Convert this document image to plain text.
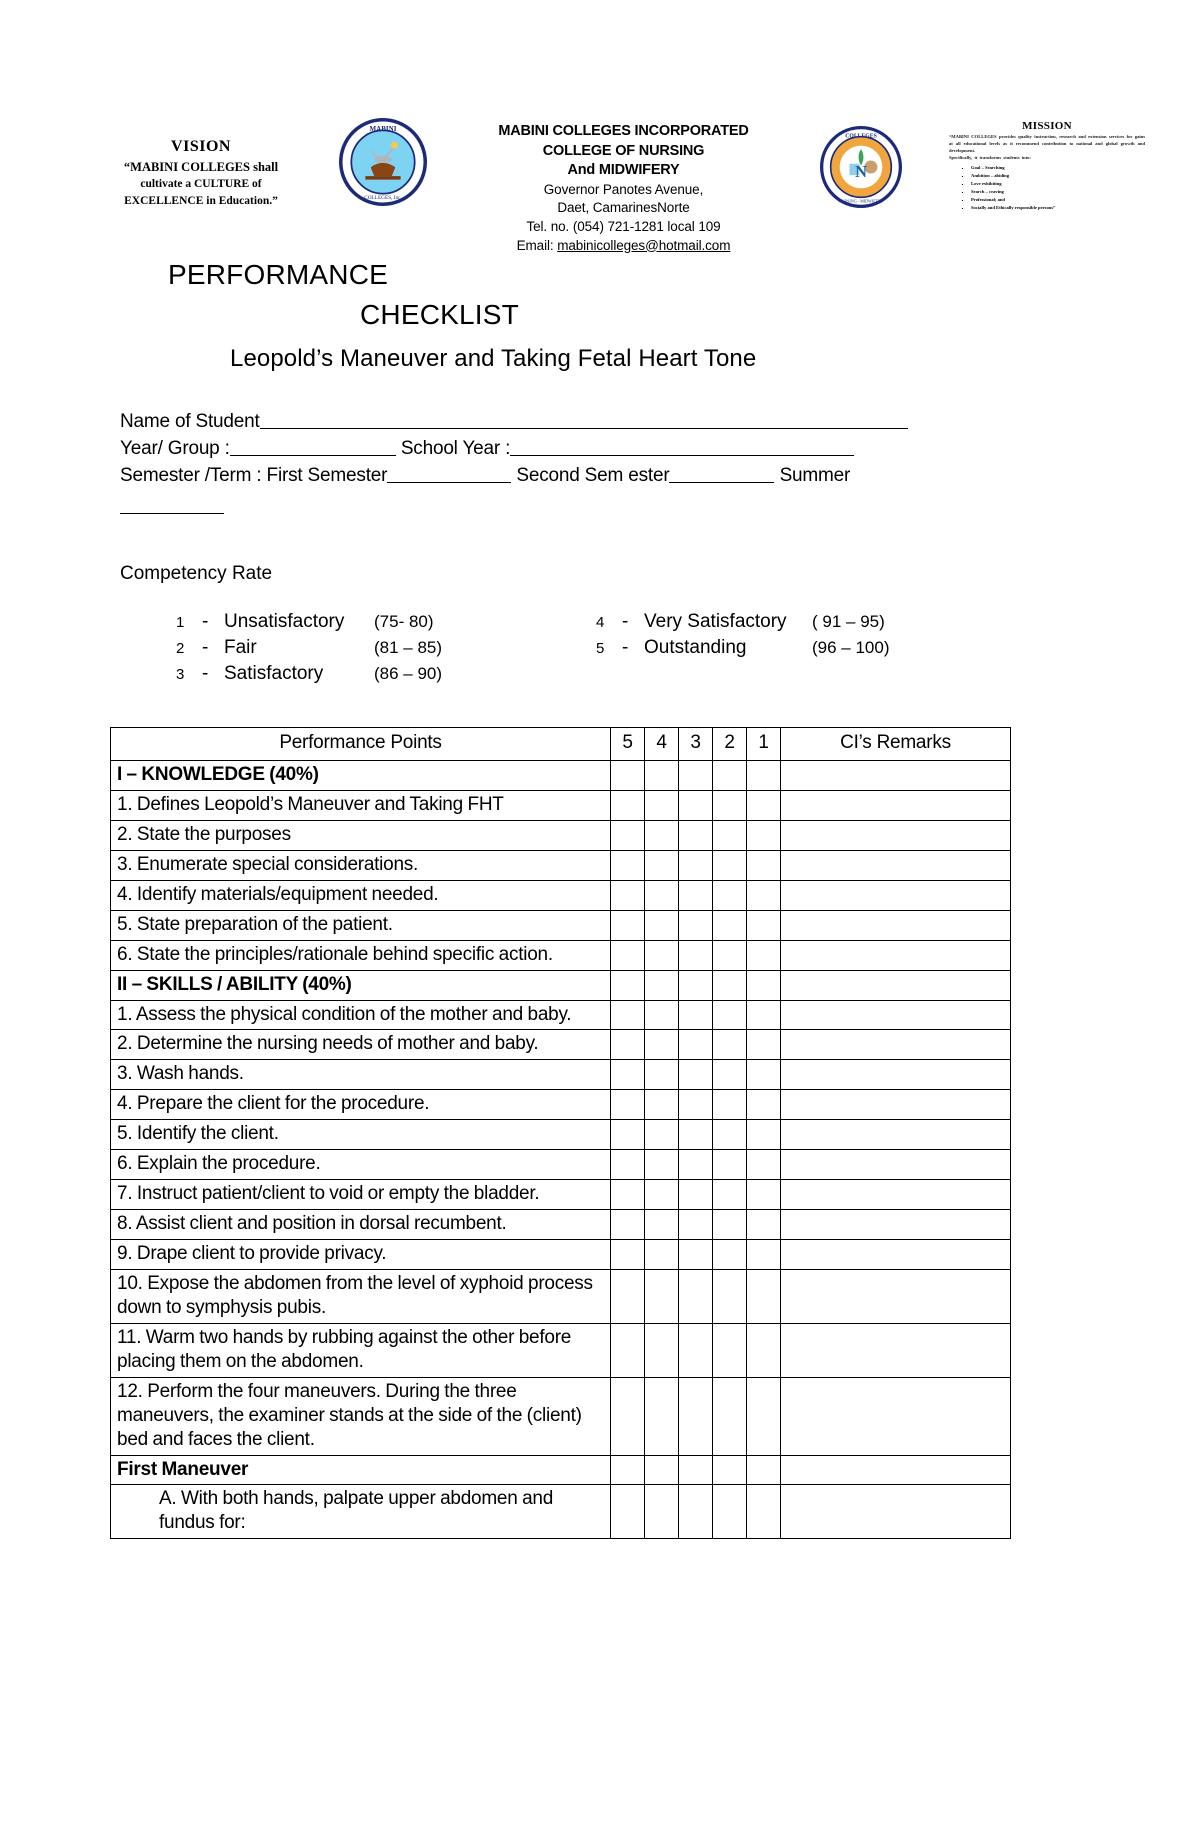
VISION
“MABINI COLLEGES shall
cultivate a CULTURE of
EXCELLENCE in Education.”
MABINI
COLLEGES, Inc.
MABINI COLLEGES INCORPORATED
COLLEGE OF NURSING
And MIDWIFERY
Governor Panotes Avenue,
Daet, CamarinesNorte
Tel. no. (054) 721-1281 local 109
Email: mabinicolleges@hotmail.com
N
COLLEGES
NURSING - MIDWIFERY
MISSION
“MABINI COLLEGES provides quality instruction, research and extension services for gains at all educational levels as it recommend contribution to national and global growth and development.
Specifically, it transforms students into:
▪ Goal – Searching
▪ Ambition – abiding
▪ Love exhibiting
▪ Search – craving
▪ Professional; and
▪ Socially and Ethically responsible persons”
PERFORMANCE
CHECKLIST
Leopold’s Maneuver and Taking Fetal Heart Tone
Name of Student
Year/ Group :	School Year :
Semester /Term : First Semester	Second Sem ester	Summer
Competency Rate
1 - Unsatisfactory	(75- 80)	4 - Very Satisfactory	( 91 – 95)
2 - Fair	(81 – 85)	5 - Outstanding	(96 – 100)
3 - Satisfactory	(86 – 90)
Performance Points	5	4	3	2	1	CI’s Remarks
I – KNOWLEDGE (40%)						
1. Defines Leopold’s Maneuver and Taking FHT						
2. State the purposes						
3. Enumerate special considerations.						
4. Identify materials/equipment needed.						
5. State preparation of the patient.						
6. State the principles/rationale behind specific action.						
II – SKILLS / ABILITY (40%)						
1. Assess the physical condition of the mother and baby.						
2. Determine the nursing needs of mother and baby.						
3. Wash hands.						
4. Prepare the client for the procedure.						
5. Identify the client.						
6. Explain the procedure.						
7. Instruct patient/client to void or empty the bladder.						
8. Assist client and position in dorsal recumbent.						
9. Drape client to provide privacy.						
10. Expose the abdomen from the level of xyphoid process down to symphysis pubis.						
11. Warm two hands by rubbing against the other before placing them on the abdomen.						
12. Perform the four maneuvers. During the three maneuvers, the examiner stands at the side of the (client) bed and faces the client.						
First Maneuver						

A. With both hands, palpate upper abdomen and fundus for:						
